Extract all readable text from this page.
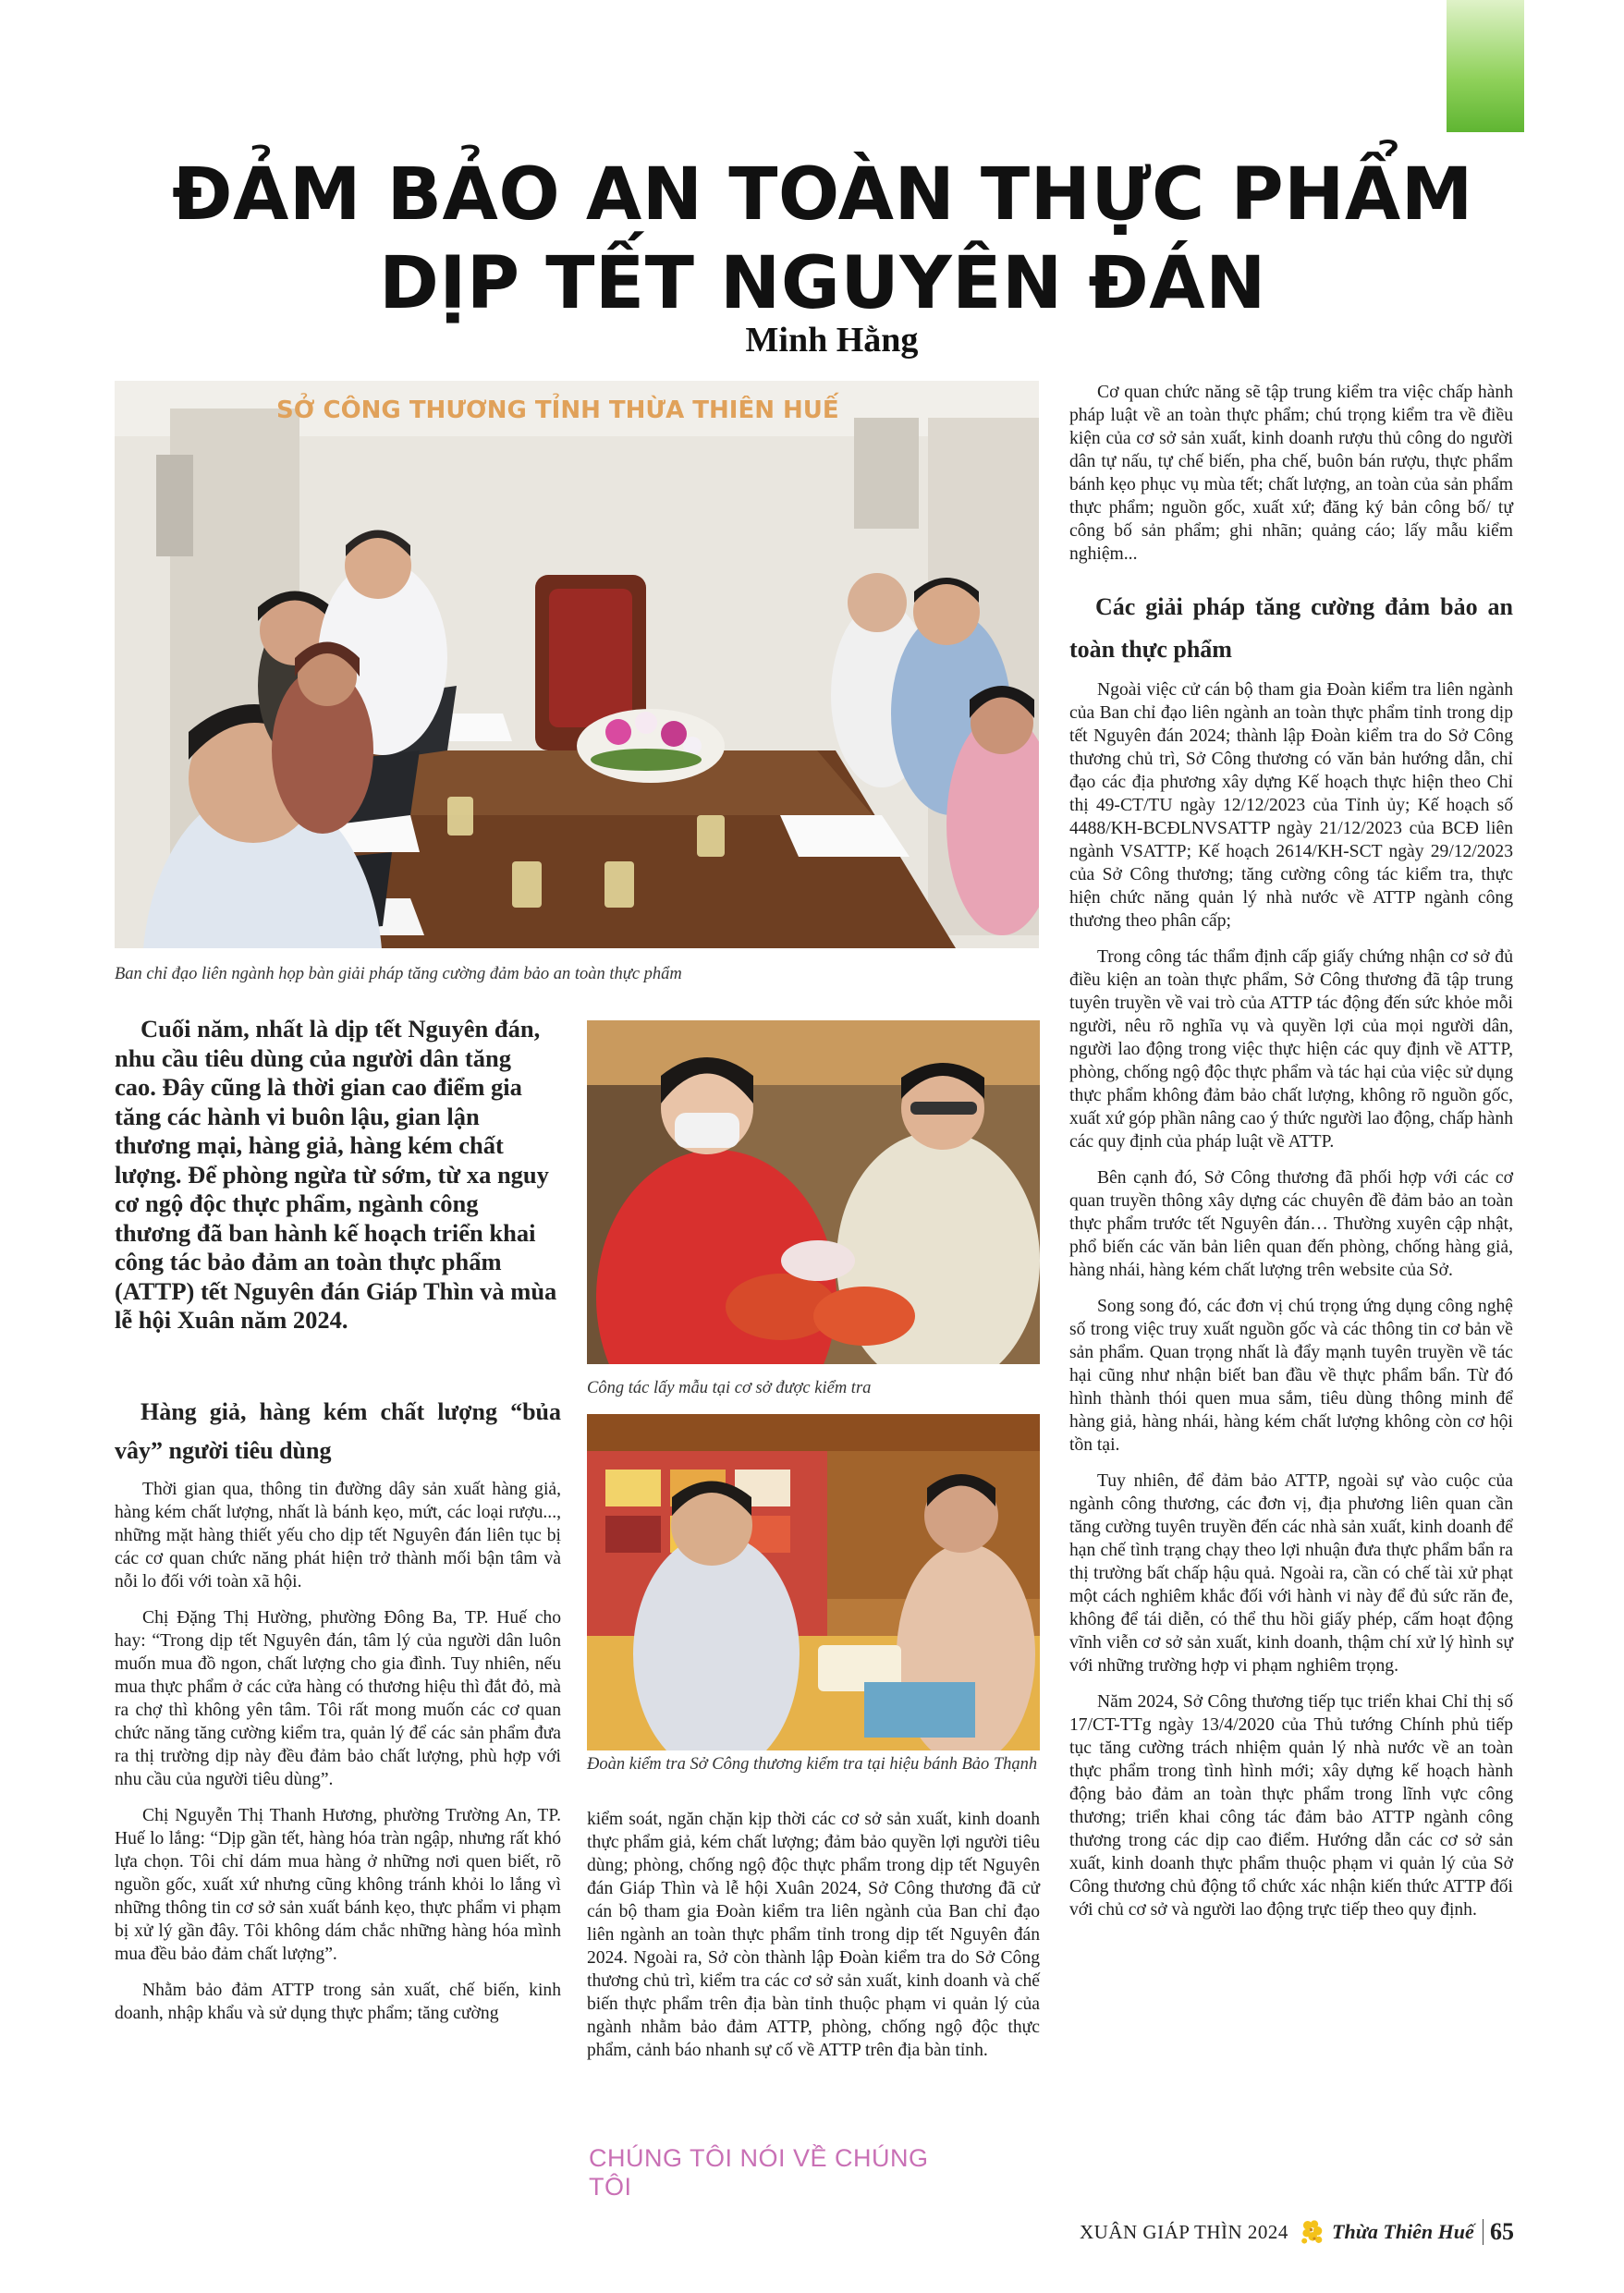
ĐẢM BẢO AN TOÀN THỰC PHẨM
DỊP TẾT NGUYÊN ĐÁN
Minh Hằng
SỞ CÔNG THƯƠNG TỈNH THỪA THIÊN HUẾ
Ban chỉ đạo liên ngành họp bàn giải pháp tăng cường đảm bảo an toàn thực phẩm

Cuối năm, nhất là dịp tết Nguyên đán, nhu cầu tiêu dùng của người dân tăng cao. Đây cũng là thời gian cao điểm gia tăng các hành vi buôn lậu, gian lận thương mại, hàng giả, hàng kém chất lượng. Để phòng ngừa từ sớm, từ xa nguy cơ ngộ độc thực phẩm, ngành công thương đã ban hành kế hoạch triển khai công tác bảo đảm an toàn thực phẩm (ATTP) tết Nguyên đán Giáp Thìn và mùa lễ hội Xuân năm 2024.

Hàng giả, hàng kém chất lượng “bủa vây” người tiêu dùng

Thời gian qua, thông tin đường dây sản xuất hàng giả, hàng kém chất lượng, nhất là bánh kẹo, mứt, các loại rượu..., những mặt hàng thiết yếu cho dịp tết Nguyên đán liên tục bị các cơ quan chức năng phát hiện trở thành mối bận tâm và nỗi lo đối với toàn xã hội.

Chị Đặng Thị Hường, phường Đông Ba, TP. Huế cho hay: “Trong dịp tết Nguyên đán, tâm lý của người dân luôn muốn mua đồ ngon, chất lượng cho gia đình. Tuy nhiên, nếu mua thực phẩm ở các cửa hàng có thương hiệu thì đắt đỏ, mà ra chợ thì không yên tâm. Tôi rất mong muốn các cơ quan chức năng tăng cường kiểm tra, quản lý để các sản phẩm đưa ra thị trường dịp này đều đảm bảo chất lượng, phù hợp với nhu cầu của người tiêu dùng”.

Chị Nguyễn Thị Thanh Hương, phường Trường An, TP. Huế lo lắng: “Dịp gần tết, hàng hóa tràn ngập, nhưng rất khó lựa chọn. Tôi chỉ dám mua hàng ở những nơi quen biết, rõ nguồn gốc, xuất xứ nhưng cũng không tránh khỏi lo lắng vì những thông tin cơ sở sản xuất bánh kẹo, thực phẩm vi phạm bị xử lý gần đây. Tôi không dám chắc những hàng hóa mình mua đều bảo đảm chất lượng”.

Nhằm bảo đảm ATTP trong sản xuất, chế biến, kinh doanh, nhập khẩu và sử dụng thực phẩm; tăng cường

Công tác lấy mẫu tại cơ sở được kiểm tra
Đoàn kiểm tra Sở Công thương kiểm tra tại hiệu bánh Bảo Thạnh

kiểm soát, ngăn chặn kịp thời các cơ sở sản xuất, kinh doanh thực phẩm giả, kém chất lượng; đảm bảo quyền lợi người tiêu dùng; phòng, chống ngộ độc thực phẩm trong dịp tết Nguyên đán Giáp Thìn và lễ hội Xuân 2024, Sở Công thương đã cử cán bộ tham gia Đoàn kiểm tra liên ngành của Ban chỉ đạo liên ngành an toàn thực phẩm tỉnh trong dịp tết Nguyên đán 2024. Ngoài ra, Sở còn thành lập Đoàn kiểm tra do Sở Công thương chủ trì, kiểm tra các cơ sở sản xuất, kinh doanh và chế biến thực phẩm trên địa bàn tỉnh thuộc phạm vi quản lý của ngành nhằm bảo đảm ATTP, phòng, chống ngộ độc thực phẩm, cảnh báo nhanh sự cố về ATTP trên địa bàn tỉnh.

Cơ quan chức năng sẽ tập trung kiểm tra việc chấp hành pháp luật về an toàn thực phẩm; chú trọng kiểm tra về điều kiện của cơ sở sản xuất, kinh doanh rượu thủ công do người dân tự nấu, tự chế biến, pha chế, buôn bán rượu, thực phẩm bánh kẹo phục vụ mùa tết; chất lượng, an toàn của sản phẩm thực phẩm; nguồn gốc, xuất xứ; đăng ký bản công bố/ tự công bố sản phẩm; ghi nhãn; quảng cáo; lấy mẫu kiểm nghiệm...

Các giải pháp tăng cường đảm bảo an toàn thực phẩm

Ngoài việc cử cán bộ tham gia Đoàn kiểm tra liên ngành của Ban chỉ đạo liên ngành an toàn thực phẩm tỉnh trong dịp tết Nguyên đán 2024; thành lập Đoàn kiểm tra do Sở Công thương chủ trì, Sở Công thương có văn bản hướng dẫn, chỉ đạo các địa phương xây dựng Kế hoạch thực hiện theo Chỉ thị 49-CT/TU ngày 12/12/2023 của Tỉnh ủy; Kế hoạch số 4488/KH-BCĐLNVSATTP ngày 21/12/2023 của BCĐ liên ngành VSATTP; Kế hoạch 2614/KH-SCT ngày 29/12/2023 của Sở Công thương; tăng cường công tác kiểm tra, thực hiện chức năng quản lý nhà nước về ATTP ngành công thương theo phân cấp;

Trong công tác thẩm định cấp giấy chứng nhận cơ sở đủ điều kiện an toàn thực phẩm, Sở Công thương đã tập trung tuyên truyền về vai trò của ATTP tác động đến sức khỏe mỗi người, nêu rõ nghĩa vụ và quyền lợi của mọi người dân, người lao động trong việc thực hiện các quy định về ATTP, phòng, chống ngộ độc thực phẩm và tác hại của việc sử dụng thực phẩm không đảm bảo chất lượng, không rõ nguồn gốc, xuất xứ góp phần nâng cao ý thức người lao động, chấp hành các quy định của pháp luật về ATTP.

Bên cạnh đó, Sở Công thương đã phối hợp với các cơ quan truyền thông xây dựng các chuyên đề đảm bảo an toàn thực phẩm trước tết Nguyên đán… Thường xuyên cập nhật, phổ biến các văn bản liên quan đến phòng, chống hàng giả, hàng nhái, hàng kém chất lượng trên website của Sở.

Song song đó, các đơn vị chú trọng ứng dụng công nghệ số trong việc truy xuất nguồn gốc và các thông tin cơ bản về sản phẩm. Quan trọng nhất là đẩy mạnh tuyên truyền về tác hại cũng như nhận biết ban đầu về thực phẩm bẩn. Từ đó hình thành thói quen mua sắm, tiêu dùng thông minh để hàng giả, hàng nhái, hàng kém chất lượng không còn cơ hội tồn tại.

Tuy nhiên, để đảm bảo ATTP, ngoài sự vào cuộc của ngành công thương, các đơn vị, địa phương liên quan cần tăng cường tuyên truyền đến các nhà sản xuất, kinh doanh để hạn chế tình trạng chạy theo lợi nhuận đưa thực phẩm bẩn ra thị trường bất chấp hậu quả. Ngoài ra, cần có chế tài xử phạt một cách nghiêm khắc đối với hành vi này để đủ sức răn đe, không để tái diễn, có thể thu hồi giấy phép, cấm hoạt động vĩnh viễn cơ sở sản xuất, kinh doanh, thậm chí xử lý hình sự với những trường hợp vi phạm nghiêm trọng.

Năm 2024, Sở Công thương tiếp tục triển khai Chỉ thị số 17/CT-TTg ngày 13/4/2020 của Thủ tướng Chính phủ tiếp tục tăng cường trách nhiệm quản lý nhà nước về an toàn thực phẩm trong tình hình mới; xây dựng kế hoạch hành động bảo đảm an toàn thực phẩm trong lĩnh vực công thương; triển khai công tác đảm bảo ATTP ngành công thương trong các dịp cao điểm. Hướng dẫn các cơ sở sản xuất, kinh doanh thực phẩm thuộc phạm vi quản lý của Sở Công thương chủ động tổ chức xác nhận kiến thức ATTP đối với chủ cơ sở và người lao động trực tiếp theo quy định.

CHÚNG TÔI NÓI VỀ CHÚNG TÔI
XUÂN GIÁP THÌN 2024 Thừa Thiên Huế 65
